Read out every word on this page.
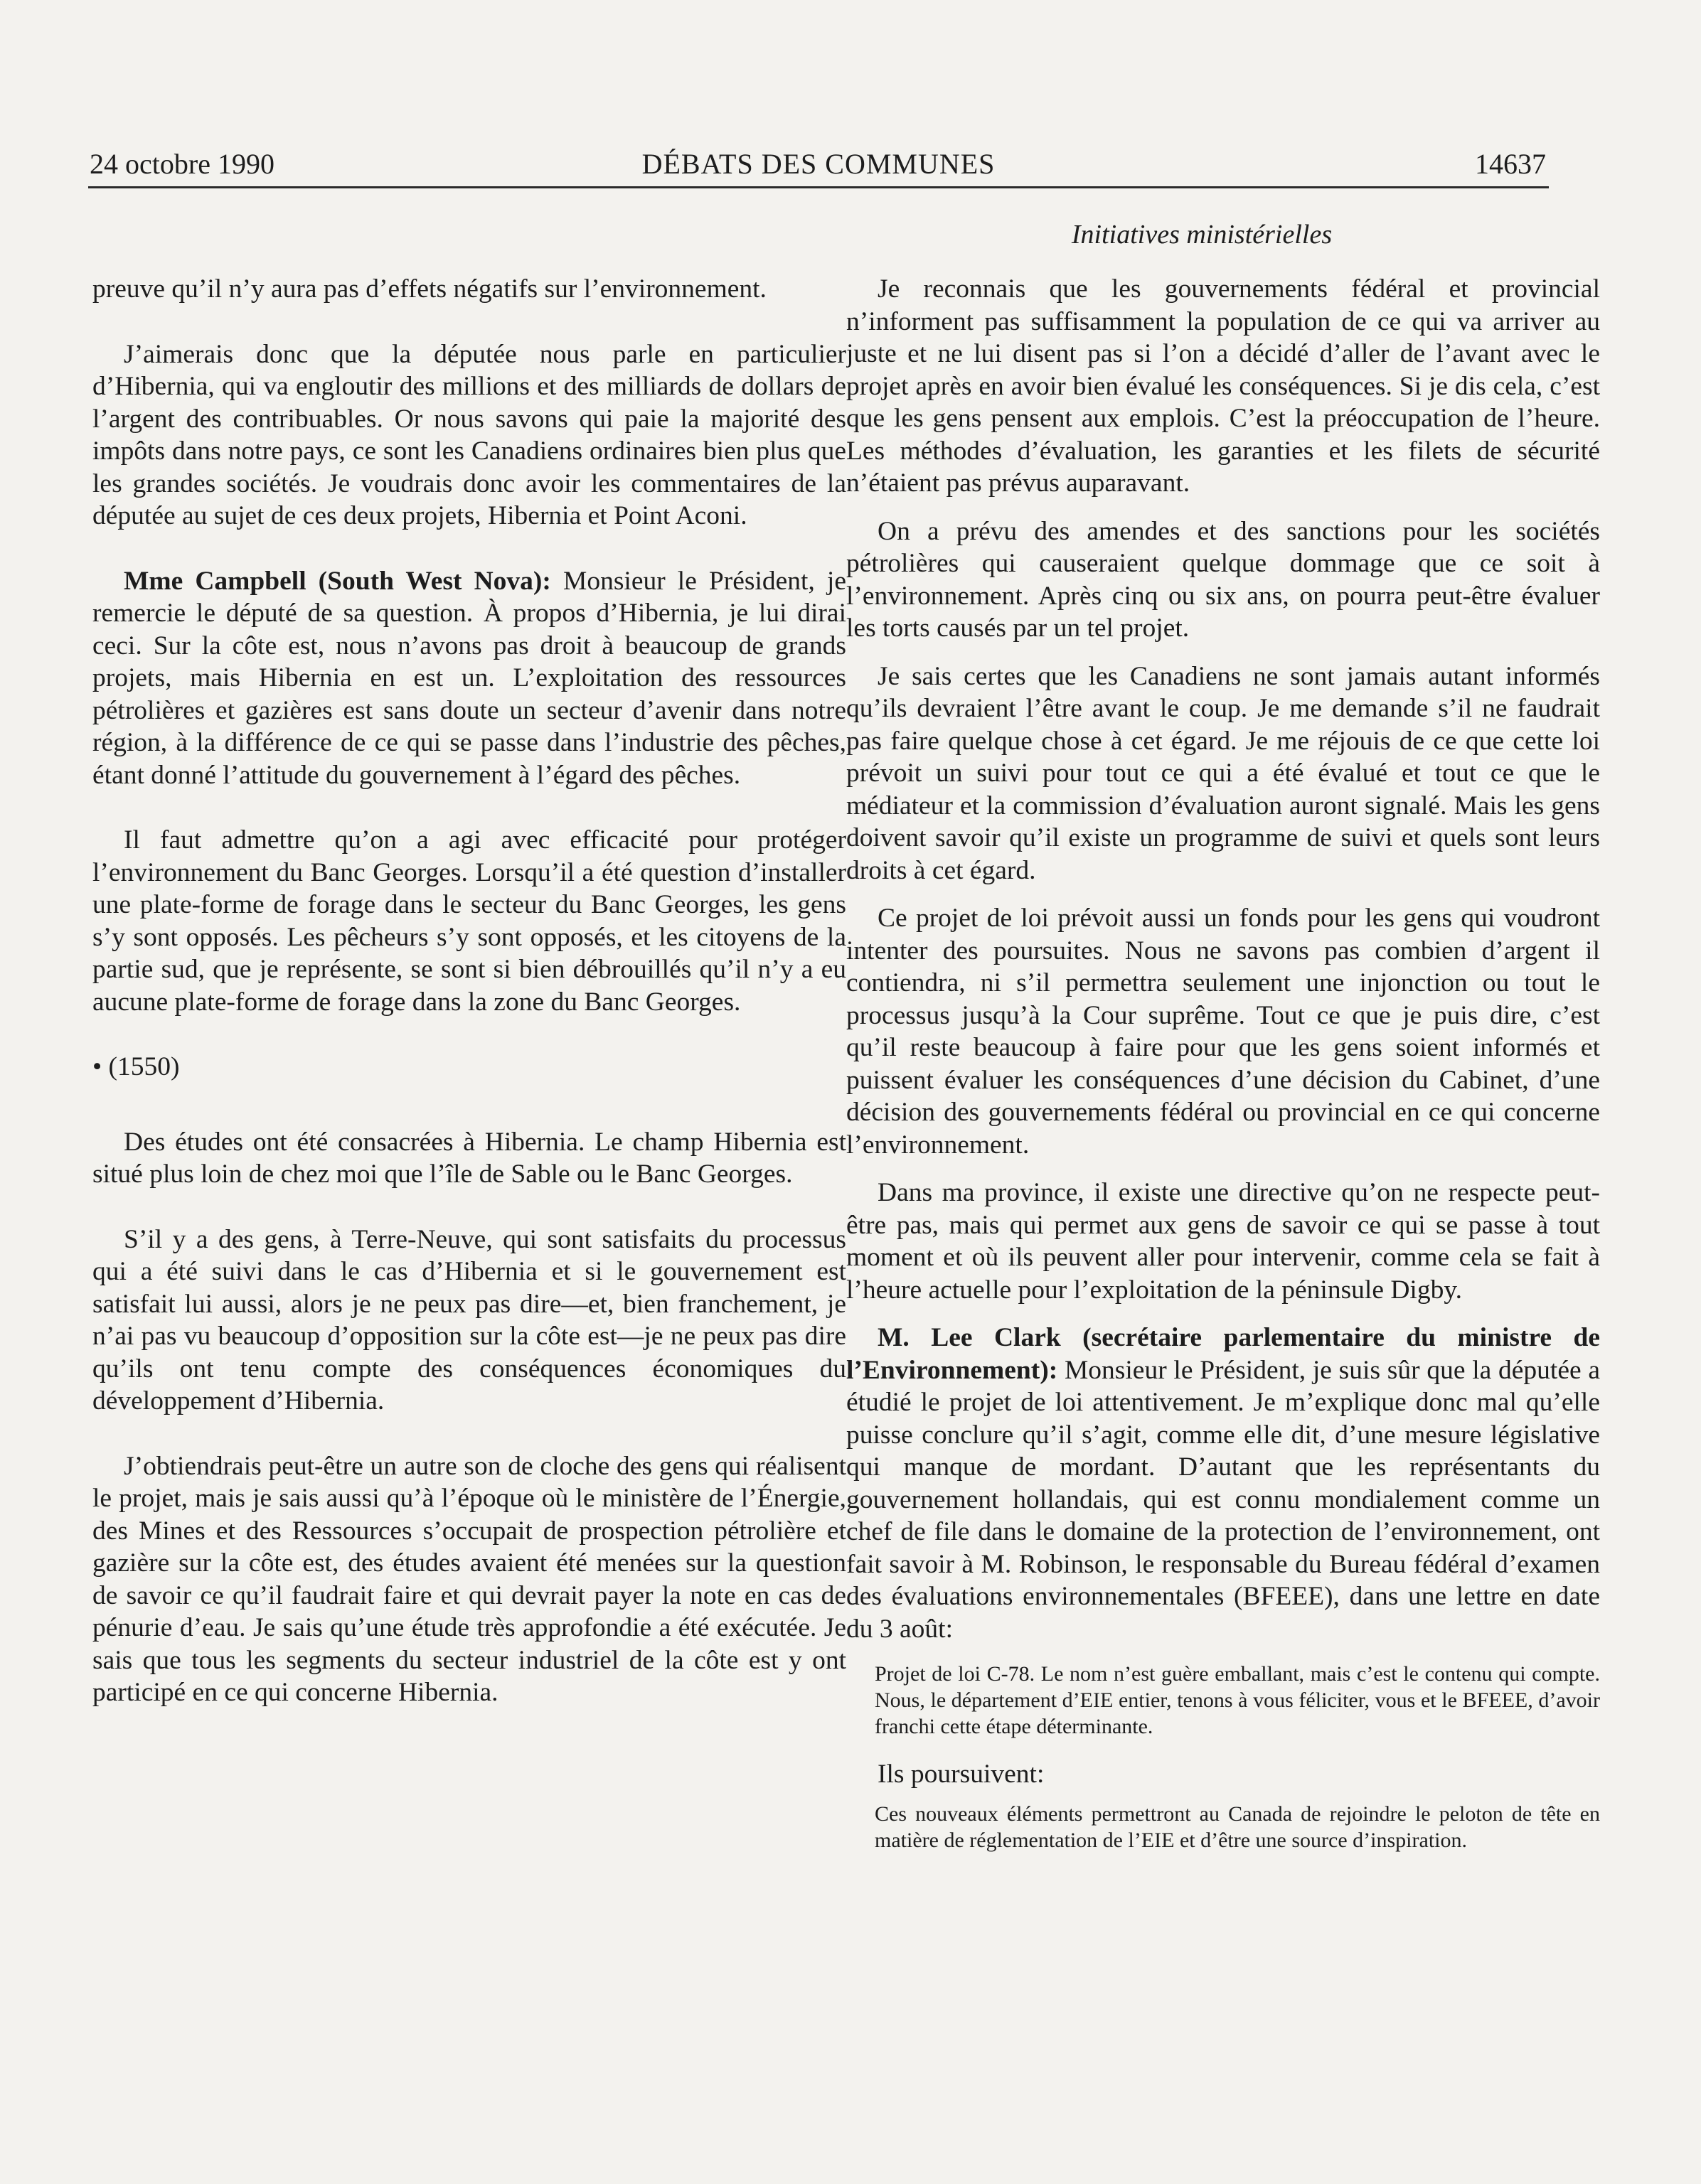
24 octobre 1990	DÉBATS DES COMMUNES	14637
Initiatives ministérielles

preuve qu’il n’y aura pas d’effets négatifs sur l’environnement.

J’aimerais donc que la députée nous parle en particulier d’Hibernia, qui va engloutir des millions et des milliards de dollars de l’argent des contribuables. Or nous savons qui paie la majorité des impôts dans notre pays, ce sont les Canadiens ordinaires bien plus que les grandes sociétés. Je voudrais donc avoir les commentaires de la députée au sujet de ces deux projets, Hibernia et Point Aconi.

Mme Campbell (South West Nova): Monsieur le Président, je remercie le député de sa question. À propos d’Hibernia, je lui dirai ceci. Sur la côte est, nous n’avons pas droit à beaucoup de grands projets, mais Hibernia en est un. L’exploitation des ressources pétrolières et gazières est sans doute un secteur d’avenir dans notre région, à la différence de ce qui se passe dans l’industrie des pêches, étant donné l’attitude du gouvernement à l’égard des pêches.

Il faut admettre qu’on a agi avec efficacité pour protéger l’environnement du Banc Georges. Lorsqu’il a été question d’installer une plate-forme de forage dans le secteur du Banc Georges, les gens s’y sont opposés. Les pêcheurs s’y sont opposés, et les citoyens de la partie sud, que je représente, se sont si bien débrouillés qu’il n’y a eu aucune plate-forme de forage dans la zone du Banc Georges.

• (1550)

Des études ont été consacrées à Hibernia. Le champ Hibernia est situé plus loin de chez moi que l’île de Sable ou le Banc Georges.

S’il y a des gens, à Terre-Neuve, qui sont satisfaits du processus qui a été suivi dans le cas d’Hibernia et si le gouvernement est satisfait lui aussi, alors je ne peux pas dire—et, bien franchement, je n’ai pas vu beaucoup d’opposition sur la côte est—je ne peux pas dire qu’ils ont tenu compte des conséquences économiques du développement d’Hibernia.

J’obtiendrais peut-être un autre son de cloche des gens qui réalisent le projet, mais je sais aussi qu’à l’époque où le ministère de l’Énergie, des Mines et des Ressources s’occupait de prospection pétrolière et gazière sur la côte est, des études avaient été menées sur la question de savoir ce qu’il faudrait faire et qui devrait payer la note en cas de pénurie d’eau. Je sais qu’une étude très approfondie a été exécutée. Je sais que tous les segments du secteur industriel de la côte est y ont participé en ce qui concerne Hibernia.

Je reconnais que les gouvernements fédéral et provincial n’informent pas suffisamment la population de ce qui va arriver au juste et ne lui disent pas si l’on a décidé d’aller de l’avant avec le projet après en avoir bien évalué les conséquences. Si je dis cela, c’est que les gens pensent aux emplois. C’est la préoccupation de l’heure. Les méthodes d’évaluation, les garanties et les filets de sécurité n’étaient pas prévus auparavant.

On a prévu des amendes et des sanctions pour les sociétés pétrolières qui causeraient quelque dommage que ce soit à l’environnement. Après cinq ou six ans, on pourra peut-être évaluer les torts causés par un tel projet.

Je sais certes que les Canadiens ne sont jamais autant informés qu’ils devraient l’être avant le coup. Je me demande s’il ne faudrait pas faire quelque chose à cet égard. Je me réjouis de ce que cette loi prévoit un suivi pour tout ce qui a été évalué et tout ce que le médiateur et la commission d’évaluation auront signalé. Mais les gens doivent savoir qu’il existe un programme de suivi et quels sont leurs droits à cet égard.

Ce projet de loi prévoit aussi un fonds pour les gens qui voudront intenter des poursuites. Nous ne savons pas combien d’argent il contiendra, ni s’il permettra seulement une injonction ou tout le processus jusqu’à la Cour suprême. Tout ce que je puis dire, c’est qu’il reste beaucoup à faire pour que les gens soient informés et puissent évaluer les conséquences d’une décision du Cabinet, d’une décision des gouvernements fédéral ou provincial en ce qui concerne l’environnement.

Dans ma province, il existe une directive qu’on ne respecte peut-être pas, mais qui permet aux gens de savoir ce qui se passe à tout moment et où ils peuvent aller pour intervenir, comme cela se fait à l’heure actuelle pour l’exploitation de la péninsule Digby.

M. Lee Clark (secrétaire parlementaire du ministre de l’Environnement): Monsieur le Président, je suis sûr que la députée a étudié le projet de loi attentivement. Je m’explique donc mal qu’elle puisse conclure qu’il s’agit, comme elle dit, d’une mesure législative qui manque de mordant. D’autant que les représentants du gouvernement hollandais, qui est connu mondialement comme un chef de file dans le domaine de la protection de l’environnement, ont fait savoir à M. Robinson, le responsable du Bureau fédéral d’examen des évaluations environnementales (BFEEE), dans une lettre en date du 3 août:

Projet de loi C-78. Le nom n’est guère emballant, mais c’est le contenu qui compte. Nous, le département d’EIE entier, tenons à vous féliciter, vous et le BFEEE, d’avoir franchi cette étape déterminante.

Ils poursuivent:

Ces nouveaux éléments permettront au Canada de rejoindre le peloton de tête en matière de réglementation de l’EIE et d’être une source d’inspiration.
